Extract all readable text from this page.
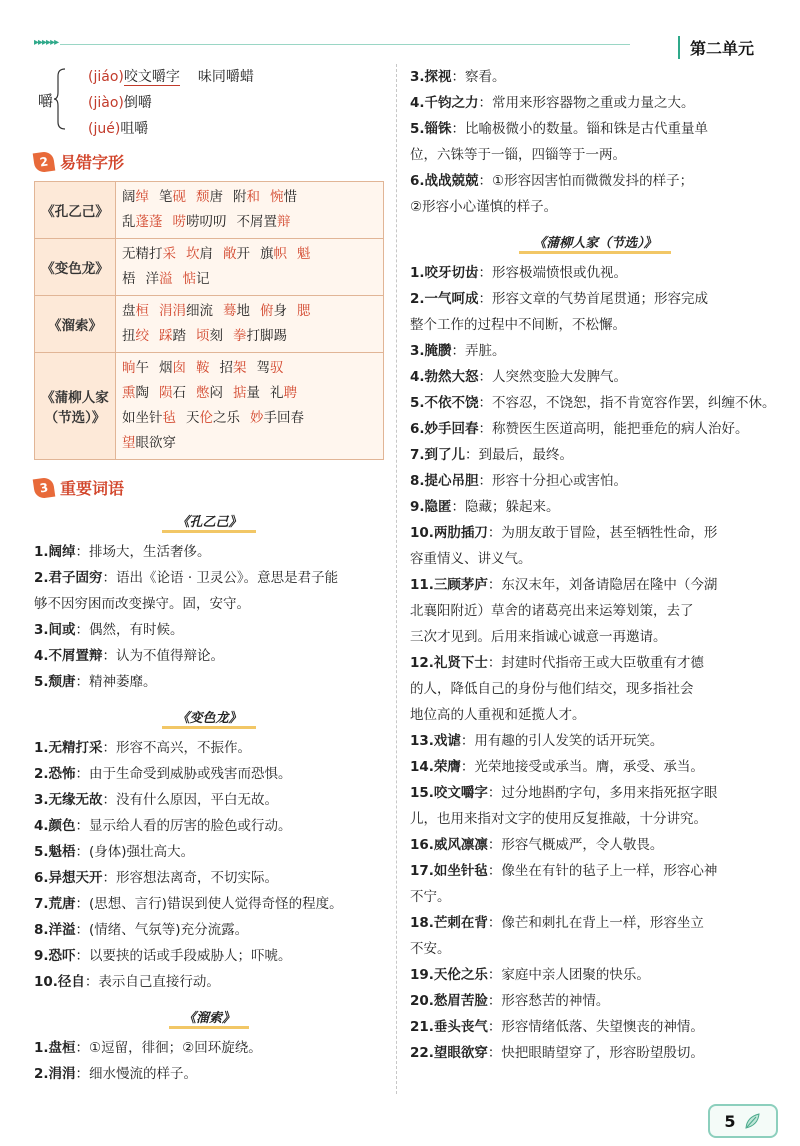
▸▸▸▸▸▸	第二单元
嚼
(jiáo)咬文嚼字 味同嚼蜡
(jiào)倒嚼
(jué)咀嚼
2 易错字形
《孔乙己》	阔绰 笔砚 颓唐 附和 惋惜
乱蓬蓬 唠唠叨叨 不屑置辩

《变色龙》	无精打采 坎肩 敞开 旗帜 魁
梧 洋溢 惦记

《溜索》	盘桓 涓涓细流 蓦地 俯身 腮
扭绞 踩踏 顷刻 拳打脚踢

《蒲柳人家（节选）》	晌午 烟囱 鞍 招架 驾驭
熏陶 陨石 憋闷 掂量 礼聘
如坐针毡 天伦之乐 妙手回春
望眼欲穿
3 重要词语
《孔乙己》
1.阔绰：排场大，生活奢侈。
2.君子固穷：语出《论语 · 卫灵公》。意思是君子能
够不因穷困而改变操守。固，安守。
3.间或：偶然，有时候。
4.不屑置辩：认为不值得辩论。
5.颓唐：精神萎靡。
《变色龙》
1.无精打采：形容不高兴，不振作。
2.恐怖：由于生命受到威胁或残害而恐惧。
3.无缘无故：没有什么原因，平白无故。
4.颜色：显示给人看的厉害的脸色或行动。
5.魁梧：(身体)强壮高大。
6.异想天开：形容想法离奇，不切实际。
7.荒唐：(思想、言行)错误到使人觉得奇怪的程度。
8.洋溢：(情绪、气氛等)充分流露。
9.恐吓：以要挟的话或手段威胁人；吓唬。
10.径自：表示自己直接行动。
《溜索》
1.盘桓：①逗留，徘徊；②回环旋绕。
2.涓涓：细水慢流的样子。
3.探视：察看。
4.千钧之力：常用来形容器物之重或力量之大。
5.锱铢：比喻极微小的数量。锱和铢是古代重量单
位，六铢等于一锱，四锱等于一两。
6.战战兢兢：①形容因害怕而微微发抖的样子；
②形容小心谨慎的样子。
《蒲柳人家（节选）》
1.咬牙切齿：形容极端愤恨或仇视。
2.一气呵成：形容文章的气势首尾贯通；形容完成
整个工作的过程中不间断，不松懈。
3.腌臜：弄脏。
4.勃然大怒：人突然变脸大发脾气。
5.不依不饶：不容忍，不饶恕，指不肯宽容作罢，纠缠不休。
6.妙手回春：称赞医生医道高明，能把垂危的病人治好。
7.到了儿：到最后，最终。
8.提心吊胆：形容十分担心或害怕。
9.隐匿：隐藏；躲起来。
10.两肋插刀：为朋友敢于冒险，甚至牺牲性命，形
容重情义、讲义气。
11.三顾茅庐：东汉末年，刘备请隐居在隆中（今湖
北襄阳附近）草舍的诸葛亮出来运筹划策，去了
三次才见到。后用来指诚心诚意一再邀请。
12.礼贤下士：封建时代指帝王或大臣敬重有才德
的人，降低自己的身份与他们结交，现多指社会
地位高的人重视和延揽人才。
13.戏谑：用有趣的引人发笑的话开玩笑。
14.荣膺：光荣地接受或承当。膺，承受、承当。
15.咬文嚼字：过分地斟酌字句，多用来指死抠字眼
儿，也用来指对文字的使用反复推敲，十分讲究。
16.威风凛凛：形容气概威严，令人敬畏。
17.如坐针毡：像坐在有针的毡子上一样，形容心神
不宁。
18.芒刺在背：像芒和刺扎在背上一样，形容坐立
不安。
19.天伦之乐：家庭中亲人团聚的快乐。
20.愁眉苦脸：形容愁苦的神情。
21.垂头丧气：形容情绪低落、失望懊丧的神情。
22.望眼欲穿：快把眼睛望穿了，形容盼望殷切。
5
